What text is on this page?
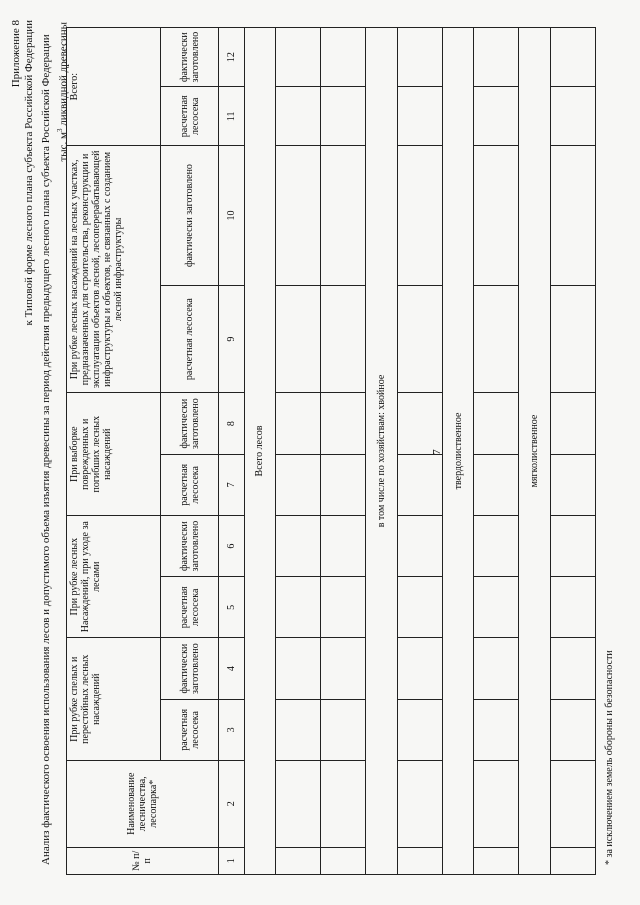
7
Приложение 8 к Типовой форме лесного плана субъекта Российской Федерации Анализ фактического освоения использования лесов и допустимого объема изъятия древесины за период действия предыдущего лесного плана субъекта Российской Федерации тыс. $м^3$ ликвидной древесины
№ п/п	Наименование лесничества, лесопарка*	При рубке спелых и перестойных лесных насаждений		При рубке лесных Насаждений, при уходе за лесами		При выборке поврежденных и погибших лесных насаждений		При рубке лесных насаждений на лесных участках, предназначенных для строительства, реконструкции и эксплуатации объектов лесной, лесоперерабатывающей инфраструктуры и объектов, не связанных с созданием лесной инфраструктуры		Всего:	
		расчетная лесосека	фактически заготовлено	расчетная лесосека	фактически заготовлено	расчетная лесосека	фактически заготовлено	расчетная лесосека	фактически заготовлено	расчетная лесосека	фактически заготовлено
1	2	3	4	5	6	7	8	9	10	11	12
Всего лесов											

в том числе по хозяйствам: хвойное											

твердолиственное											

мягколиственное											

* за исключением земель обороны и безопасности
